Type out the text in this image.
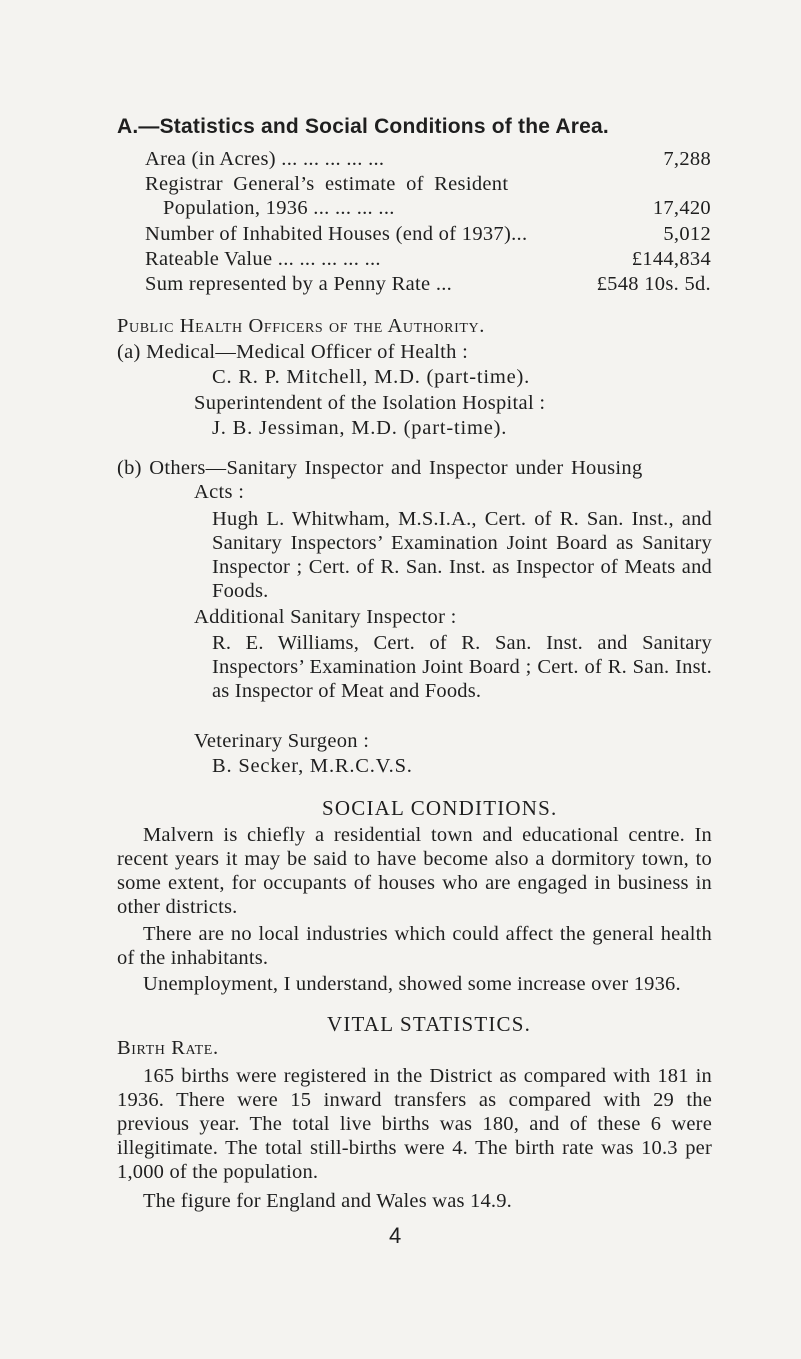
A.—Statistics and Social Conditions of the Area.
Area (in Acres) ... ... ... ... ...	7,288
Registrar General’s estimate of Resident
Population, 1936 ... ... ... ...	17,420
Number of Inhabited Houses (end of 1937)...	5,012
Rateable Value ... ... ... ... ...	£144,834
Sum represented by a Penny Rate ...	£548 10s. 5d.
Public Health Officers of the Authority.
(a) Medical—Medical Officer of Health :
C. R. P. Mitchell, M.D. (part-time).
Superintendent of the Isolation Hospital :
J. B. Jessiman, M.D. (part-time).
(b) Others—Sanitary Inspector and Inspector under Housing
Acts :
Hugh L. Whitwham, M.S.I.A., Cert. of R. San. Inst., and Sanitary Inspectors’ Examination Joint Board as Sanitary Inspector ; Cert. of R. San. Inst. as Inspector of Meats and Foods.
Additional Sanitary Inspector :
R. E. Williams, Cert. of R. San. Inst. and Sanitary Inspectors’ Examination Joint Board ; Cert. of R. San. Inst. as Inspector of Meat and Foods.
Veterinary Surgeon :
B. Secker, M.R.C.V.S.
SOCIAL CONDITIONS.
Malvern is chiefly a residential town and educational centre. In recent years it may be said to have become also a dormitory town, to some extent, for occupants of houses who are engaged in business in other districts.
There are no local industries which could affect the general health of the inhabitants.
Unemployment, I understand, showed some increase over 1936.
VITAL STATISTICS.
Birth Rate.
165 births were registered in the District as compared with 181 in 1936. There were 15 inward transfers as compared with 29 the previous year. The total live births was 180, and of these 6 were illegitimate. The total still-births were 4. The birth rate was 10.3 per 1,000 of the population.
The figure for England and Wales was 14.9.
4
